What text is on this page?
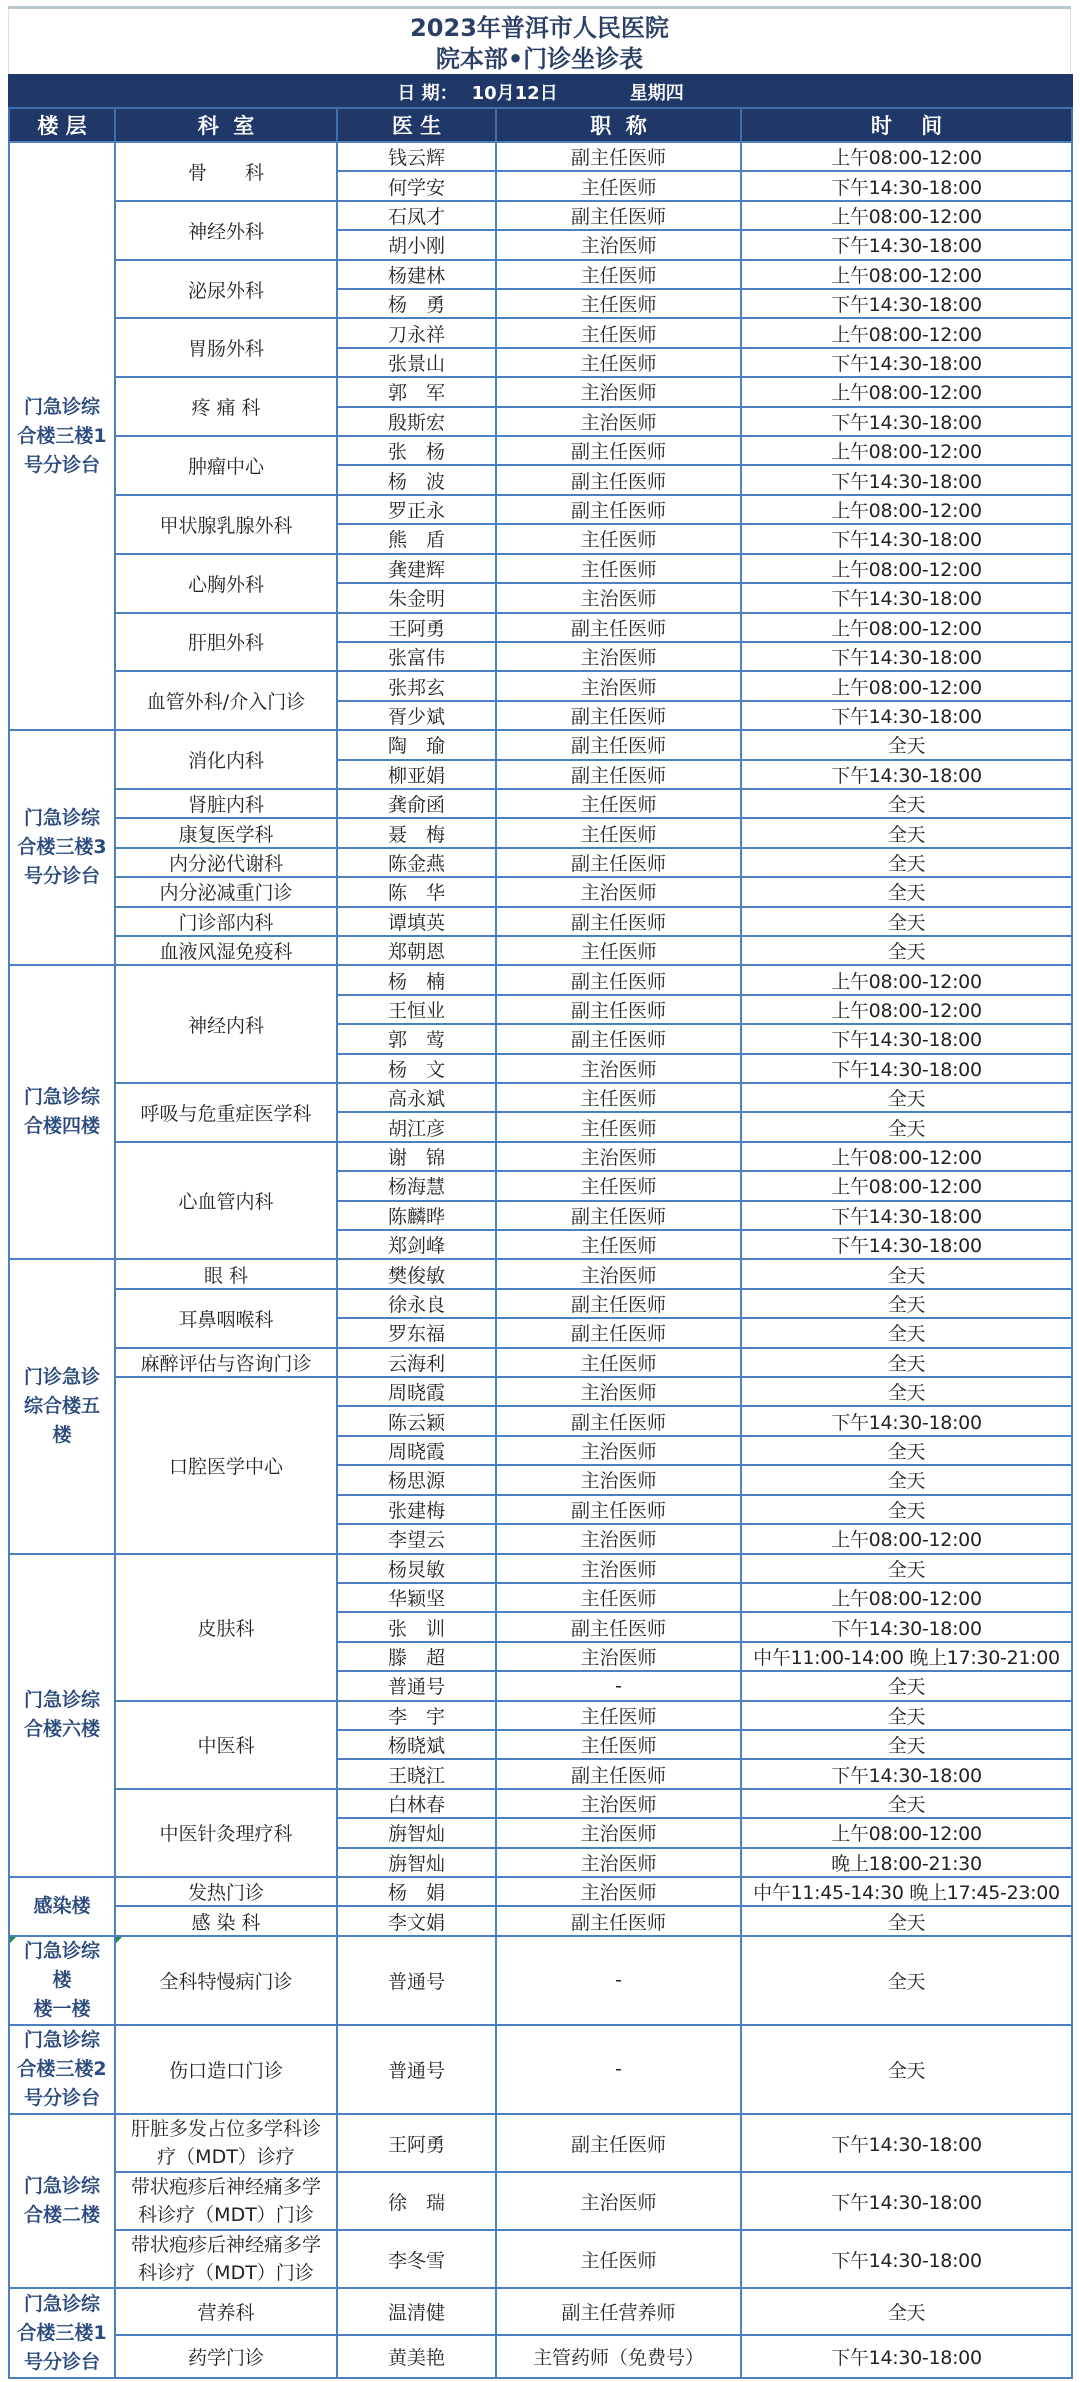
2023年普洱市人民医院
院本部•门诊坐诊表
日 期： 10月12日 星期四				

楼 层	科  室	医 生	职  称	时    间

门急诊综
合楼三楼1
号分诊台	骨　　科	钱云辉	副主任医师	上午08:00-12:00
		何学安	主任医师	下午14:30-18:00
	神经外科	石凤才	副主任医师	上午08:00-12:00
		胡小刚	主治医师	下午14:30-18:00
	泌尿外科	杨建林	主任医师	上午08:00-12:00
		杨　勇	主任医师	下午14:30-18:00
	胃肠外科	刀永祥	主任医师	上午08:00-12:00
		张景山	主任医师	下午14:30-18:00
	疼 痛 科	郭　军	主治医师	上午08:00-12:00
		殷斯宏	主治医师	下午14:30-18:00
	肿瘤中心	张　杨	副主任医师	上午08:00-12:00
		杨　波	副主任医师	下午14:30-18:00
	甲状腺乳腺外科	罗正永	副主任医师	上午08:00-12:00
		熊　盾	主任医师	下午14:30-18:00
	心胸外科	龚建辉	主任医师	上午08:00-12:00
		朱金明	主治医师	下午14:30-18:00
	肝胆外科	王阿勇	副主任医师	上午08:00-12:00
		张富伟	主治医师	下午14:30-18:00
	血管外科/介入门诊	张邦玄	主治医师	上午08:00-12:00
		胥少斌	副主任医师	下午14:30-18:00

门急诊综
合楼三楼3
号分诊台	消化内科	陶　瑜	副主任医师	全天
		柳亚娟	副主任医师	下午14:30-18:00
	肾脏内科	龚俞函	主任医师	全天
	康复医学科	聂　梅	主任医师	全天
	内分泌代谢科	陈金燕	副主任医师	全天
	内分泌减重门诊	陈　华	主治医师	全天
	门诊部内科	谭填英	副主任医师	全天
	血液风湿免疫科	郑朝恩	主任医师	全天

门急诊综
合楼四楼	神经内科	杨　楠	副主任医师	上午08:00-12:00
		王恒业	副主任医师	上午08:00-12:00
		郭　莺	副主任医师	下午14:30-18:00
		杨　文	主治医师	下午14:30-18:00
	呼吸与危重症医学科	高永斌	主任医师	全天
		胡江彦	主任医师	全天
	心血管内科	谢　锦	主治医师	上午08:00-12:00
		杨海慧	主任医师	上午08:00-12:00
		陈麟晔	副主任医师	下午14:30-18:00
		郑剑峰	主任医师	下午14:30-18:00

门诊急诊
综合楼五
楼	眼 科	樊俊敏	主治医师	全天
	耳鼻咽喉科	徐永良	副主任医师	全天
		罗东福	副主任医师	全天
	麻醉评估与咨询门诊	云海利	主任医师	全天
	口腔医学中心	周晓霞	主治医师	全天
		陈云颖	副主任医师	下午14:30-18:00
		周晓霞	主治医师	全天
		杨思源	主治医师	全天
		张建梅	副主任医师	全天
		李望云	主治医师	上午08:00-12:00

门急诊综
合楼六楼	皮肤科	杨炅敏	主治医师	全天
		华颖坚	主任医师	上午08:00-12:00
		张　训	副主任医师	下午14:30-18:00
		滕　超	主治医师	中午11:00-14:00 晚上17:30-21:00
		普通号	-	全天
	中医科	李　宇	主任医师	全天
		杨晓斌	主任医师	全天
		王晓江	副主任医师	下午14:30-18:00
	中医针灸理疗科	白林春	主治医师	全天
		旃智灿	主治医师	上午08:00-12:00
		旃智灿	主治医师	晚上18:00-21:30

感染楼	发热门诊	杨　娟	主治医师	中午11:45-14:30 晚上17:45-23:00
	感 染 科	李文娟	副主任医师	全天

门急诊综
楼
楼一楼	全科特慢病门诊	普通号	-	全天

门急诊综
合楼三楼2
号分诊台	伤口造口门诊	普通号	-	全天

门急诊综
合楼二楼	肝脏多发占位多学科诊疗（MDT）诊疗	王阿勇	副主任医师	下午14:30-18:00
	带状疱疹后神经痛多学科诊疗（MDT）门诊	徐　瑞	主治医师	下午14:30-18:00
	带状疱疹后神经痛多学科诊疗（MDT）门诊	李冬雪	主任医师	下午14:30-18:00

门急诊综
合楼三楼1
号分诊台	营养科	温清健	副主任营养师	全天
	药学门诊	黄美艳	主管药师（免费号）	下午14:30-18:00
